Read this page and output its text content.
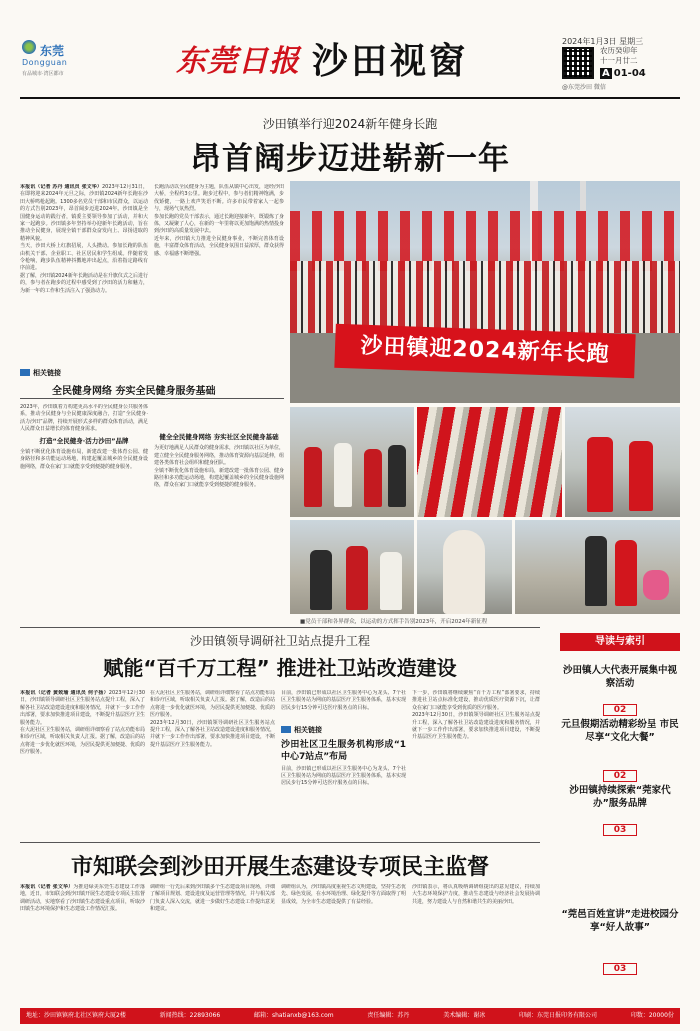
东莞
Dongguan
有品城市·湾区都市	东莞日报 沙田视窗	2024年1月3日 星期三
农历癸卯年
十一月廿二
A 01-04
@东莞沙田 微信
沙田镇举行迎2024新年健身长跑
昂首阔步迈进崭新一年
本报讯（记者 苏丹 通讯员 张文华）2023年12月31日，在即将迎来2024年元旦之际，沙田镇2024新年长跑在沙田大桥鸣枪起跑。1300多名党员干部和市民群众，以运动的方式告别2023年，昂首阔步迈进2024年。沙田镇是全国健身运动的践行者，镇委主要领导参加了活动，并和大家一起跑步。沙田镇多年坚持举办迎新年长跑活动，旨在推动全民健身，展现全镇干部群众奋发向上、昂扬进取的精神风貌。

当天，沙田大桥上红旗招展，人头攒动。参加长跑的队伍由机关干部、企业职工、社区居民和学生组成。伴随着发令枪响，跑步队伍精神抖擞地冲出起点，沿着指定路线有序前进。

据了解，沙田镇2024新年长跑活动是在升旗仪式之后进行的，参与者在跑步的过程中感受到了沙田的活力和魅力，为新一年的工作和生活注入了强劲动力。

长跑活动以全民健身为主题，队伍从镇中心出发，途经沙田大桥，全程约3公里。跑步过程中，参与者们精神饱满，步伐矫健，一路上欢声笑语不断。许多市民带着家人一起参与，现场气氛热烈。

参加长跑的党员干部表示，通过长跑迎接新年，既锻炼了身体，又凝聚了人心，在新的一年里将以更加饱满的热情投身到沙田的高质量发展中去。

近年来，沙田镇大力推进全民健身事业，不断完善体育设施，丰富群众体育活动，全民健身氛围日益浓厚，群众获得感、幸福感不断增强。

沙田镇迎2024新年长跑
相关链接
全民健身网络 夯实全民健身服务基础

2023年，沙田镇着力构建更高水平的全民健身公共服务体系，推动全民健身与全民健康深度融合，打造“全民健身·活力沙田”品牌，持续开展形式多样的群众体育活动，满足人民群众日益增长的体育健身需求。

打造“全民健身·活力沙田”品牌

全镇不断优化体育设施布局，新建改建一批体育公园、健身路径和多功能运动场地，构建起覆盖城乡的全民健身设施网络，群众在家门口就能享受到便捷的健身服务。

健全全民健身网络 夯实社区全民健身基础

为更好地满足人民群众的健身需求，沙田镇以社区为单位，建立健全全民健身服务网络，推动体育资源向基层延伸，组建各类体育社会组织和健身团队。

全镇不断优化体育设施布局，新建改建一批体育公园、健身路径和多功能运动场地，构建起覆盖城乡的全民健身设施网络，群众在家门口就能享受到便捷的健身服务。

■党员干部和各界群众，以运动的方式挥手告别2023年，开启2024年新征程
沙田镇领导调研社卫站点提升工程
赋能“百千万工程” 推进社卫站改造建设
本报讯（记者 黄致瑜 通讯员 何子扬）2023年12月30日，沙田镇领导调研社区卫生服务站点提升工程，深入了解各社卫站改造建设进度和服务情况，并就下一步工作作出部署，要求加快推进项目建设，不断提升基层医疗卫生服务能力。

在大泥社区卫生服务站，调研组详细察看了站点功能布局和诊疗区域，听取相关负责人汇报。据了解，改造后的站点将进一步优化就医环境，为居民提供更加便捷、优质的医疗服务。

在大泥社区卫生服务站，调研组详细察看了站点功能布局和诊疗区域，听取相关负责人汇报。据了解，改造后的站点将进一步优化就医环境，为居民提供更加便捷、优质的医疗服务。

2023年12月30日，沙田镇领导调研社区卫生服务站点提升工程，深入了解各社卫站改造建设进度和服务情况，并就下一步工作作出部署，要求加快推进项目建设，不断提升基层医疗卫生服务能力。

目前，沙田镇已形成以社区卫生服务中心为龙头、7个社区卫生服务站为网底的基层医疗卫生服务体系，基本实现居民步行15分钟可达医疗服务点的目标。

相关链接
沙田社区卫生服务机构形成“1中心7站点”布局

目前，沙田镇已形成以社区卫生服务中心为龙头、7个社区卫生服务站为网底的基层医疗卫生服务体系，基本实现居民步行15分钟可达医疗服务点的目标。

下一步，沙田镇将继续聚焦“百千万工程”部署要求，持续推进社卫站点标准化建设，推动优质医疗资源下沉，让群众在家门口就能享受到优质的医疗服务。

2023年12月30日，沙田镇领导调研社区卫生服务站点提升工程，深入了解各社卫站改造建设进度和服务情况，并就下一步工作作出部署，要求加快推进项目建设，不断提升基层医疗卫生服务能力。

导读与索引
沙田镇人大代表开展集中视察活动
02
元旦假期活动精彩纷呈 市民尽享“文化大餐”
02
沙田镇持续探索“莞家代办”服务品牌
03
“莞邑百姓宣讲”走进校园分享“好人故事”
03
市知联会到沙田开展生态建设专项民主监督
本报讯（记者 张文华）为推进绿美东莞生态建设工作落地，近日，市知联会到沙田镇开展生态建设专项民主监督调研活动，实地察看了沙田镇生态建设重点项目，听取沙田镇生态环境保护和生态建设工作情况汇报。

调研组一行先后来到沙田镇多个生态建设项目现场，详细了解项目规划、建设进度及运营管理等情况，并与相关部门负责人深入交流，就进一步做好生态建设工作提出意见和建议。

调研组认为，沙田镇高度重视生态文明建设，坚持生态优先、绿色发展，在水环境治理、绿化提升等方面取得了明显成效，为全市生态建设提供了有益经验。

沙田镇表示，将认真吸纳调研组提出的意见建议，持续加大生态环境保护力度，推动生态建设与经济社会发展协调共进，努力建设人与自然和谐共生的美丽沙田。

地址：沙田镇镇府北社区镇府大厦2楼	新闻热线：22893066	邮箱：shatianxb@163.com	责任编辑：苏丹	美术编辑：谢冰	印刷：东莞日报印务有限公司	印数：20000份
